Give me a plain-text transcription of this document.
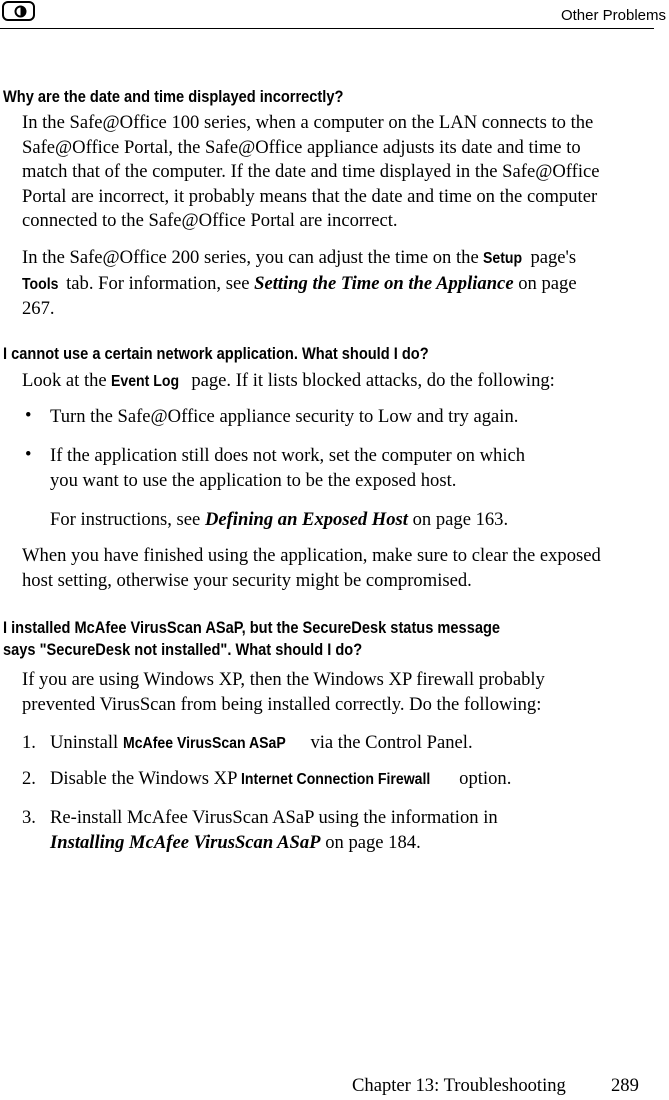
Other Problems
Why are the date and time displayed incorrectly?
In the Safe@Office 100 series, when a computer on the LAN connects to the
Safe@Office Portal, the Safe@Office appliance adjusts its date and time to
match that of the computer. If the date and time displayed in the Safe@Office
Portal are incorrect, it probably means that the date and time on the computer
connected to the Safe@Office Portal are incorrect.
In the Safe@Office 200 series, you can adjust the time on the Setup page's
Tools tab. For information, see Setting the Time on the Appliance on page
267.
I cannot use a certain network application. What should I do?
Look at the Event Log page. If it lists blocked attacks, do the following:
• Turn the Safe@Office appliance security to Low and try again.
• If the application still does not work, set the computer on which
you want to use the application to be the exposed host.
For instructions, see Defining an Exposed Host on page 163.
When you have finished using the application, make sure to clear the exposed
host setting, otherwise your security might be compromised.
I installed McAfee VirusScan ASaP, but the SecureDesk status message
says "SecureDesk not installed". What should I do?
If you are using Windows XP, then the Windows XP firewall probably
prevented VirusScan from being installed correctly. Do the following:
1. Uninstall McAfee VirusScan ASaP via the Control Panel.
2. Disable the Windows XP Internet Connection Firewall option.
3. Re-install McAfee VirusScan ASaP using the information in
Installing McAfee VirusScan ASaP on page 184.
Chapter 13: Troubleshooting 289
